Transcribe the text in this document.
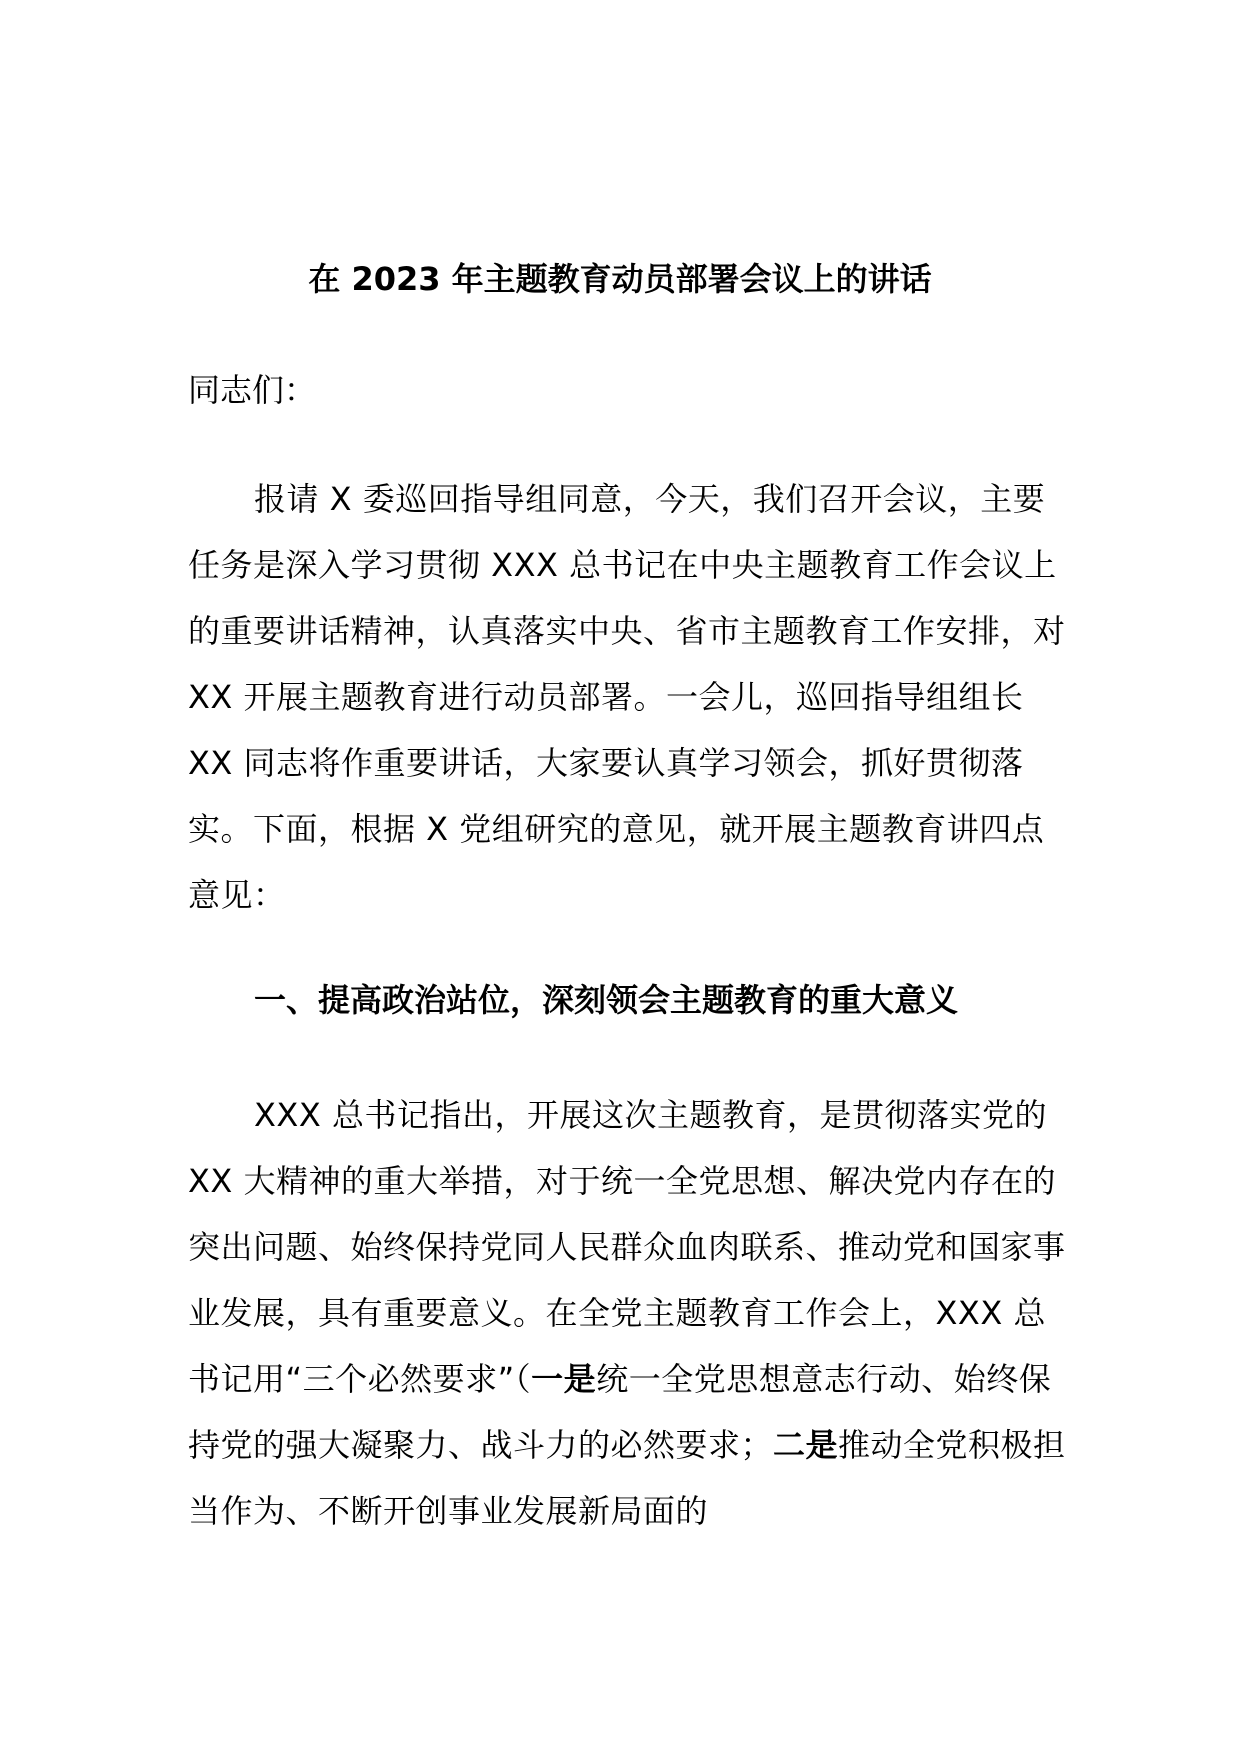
在 2023 年主题教育动员部署会议上的讲话
同志们：

报请 X 委巡回指导组同意，今天，我们召开会议，主要任务是深入学习贯彻 XXX 总书记在中央主题教育工作会议上的重要讲话精神，认真落实中央、省市主题教育工作安排，对 XX 开展主题教育进行动员部署。一会儿，巡回指导组组长 XX 同志将作重要讲话，大家要认真学习领会，抓好贯彻落实。下面，根据 X 党组研究的意见，就开展主题教育讲四点意见：

一、提高政治站位，深刻领会主题教育的重大意义

XXX 总书记指出，开展这次主题教育，是贯彻落实党的 XX 大精神的重大举措，对于统一全党思想、解决党内存在的突出问题、始终保持党同人民群众血肉联系、推动党和国家事业发展，具有重要意义。在全党主题教育工作会上，XXX 总书记用“三个必然要求”（一是统一全党思想意志行动、始终保持党的强大凝聚力、战斗力的必然要求；二是推动全党积极担当作为、不断开创事业发展新局面的
